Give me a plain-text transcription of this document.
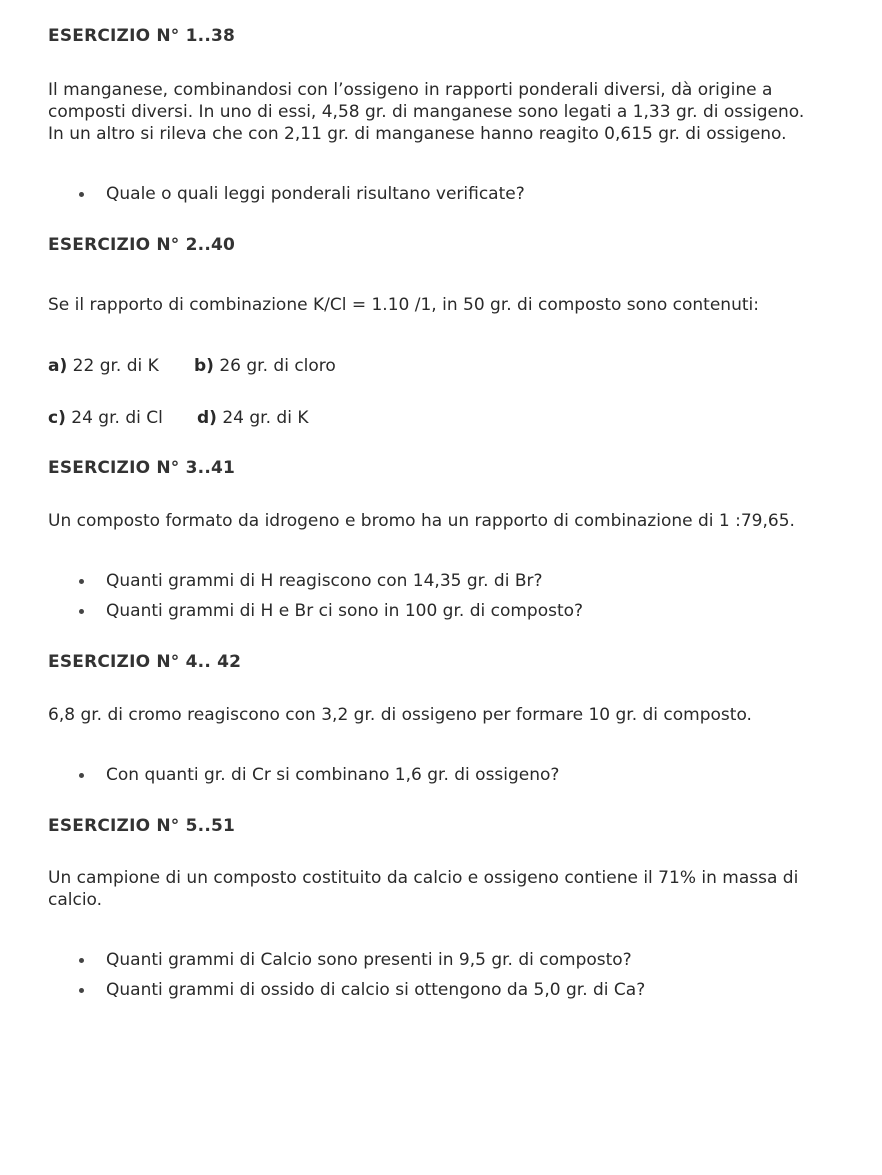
ESERCIZIO N° 1..38
Il manganese, combinandosi con l’ossigeno in rapporti ponderali diversi, dà origine a
composti diversi. In uno di essi, 4,58 gr. di manganese sono legati a 1,33 gr. di ossigeno.
In un altro si rileva che con 2,11 gr. di manganese hanno reagito 0,615 gr. di ossigeno.
Quale o quali leggi ponderali risultano verificate?
ESERCIZIO N° 2..40
Se il rapporto di combinazione K/Cl = 1.10 /1, in 50 gr. di composto sono contenuti:
a) 22 gr. di K b) 26 gr. di cloro
c) 24 gr. di Cl d) 24 gr. di K
ESERCIZIO N° 3..41
Un composto formato da idrogeno e bromo ha un rapporto di combinazione di 1 :79,65.
Quanti grammi di H reagiscono con 14,35 gr. di Br?
Quanti grammi di H e Br ci sono in 100 gr. di composto?
ESERCIZIO N° 4.. 42
6,8 gr. di cromo reagiscono con 3,2 gr. di ossigeno per formare 10 gr. di composto.
Con quanti gr. di Cr si combinano 1,6 gr. di ossigeno?
ESERCIZIO N° 5..51
Un campione di un composto costituito da calcio e ossigeno contiene il 71% in massa di
calcio.
Quanti grammi di Calcio sono presenti in 9,5 gr. di composto?
Quanti grammi di ossido di calcio si ottengono da 5,0 gr. di Ca?
